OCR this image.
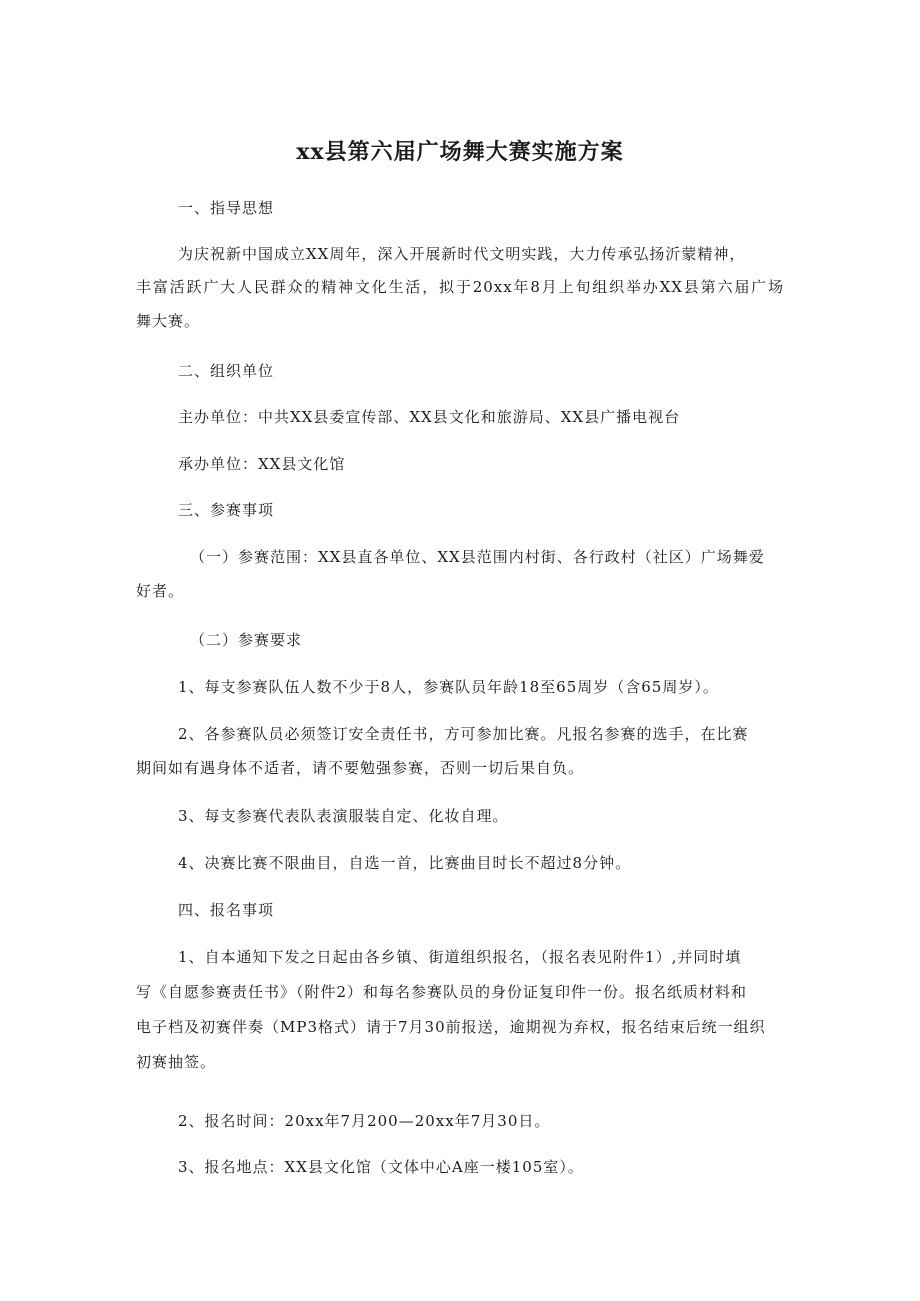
xx县第六届广场舞大赛实施方案
一、指导思想
为庆祝新中国成立XX周年，深入开展新时代文明实践，大力传承弘扬沂蒙精神，
丰富活跃广大人民群众的精神文化生活，拟于20xx年8月上旬组织举办XX县第六届广场
舞大赛。
二、组织单位
主办单位：中共XX县委宣传部、XX县文化和旅游局、XX县广播电视台
承办单位：XX县文化馆
三、参赛事项
（一）参赛范围：XX县直各单位、XX县范围内村街、各行政村（社区）广场舞爱
好者。
（二）参赛要求
1、每支参赛队伍人数不少于8人，参赛队员年龄18至65周岁（含65周岁）。
2、各参赛队员必须签订安全责任书，方可参加比赛。凡报名参赛的选手，在比赛
期间如有遇身体不适者，请不要勉强参赛，否则一切后果自负。
3、每支参赛代表队表演服装自定、化妆自理。
4、决赛比赛不限曲目，自选一首，比赛曲目时长不超过8分钟。
四、报名事项
1、自本通知下发之日起由各乡镇、街道组织报名，（报名表见附件1）,并同时填
写《自愿参赛责任书》（附件2）和每名参赛队员的身份证复印件一份。报名纸质材料和
电子档及初赛伴奏（MP3格式）请于7月30前报送，逾期视为弃权，报名结束后统一组织
初赛抽签。
2、报名时间：20xx年7月200—20xx年7月30日。
3、报名地点：XX县文化馆（文体中心A座一楼105室）。
